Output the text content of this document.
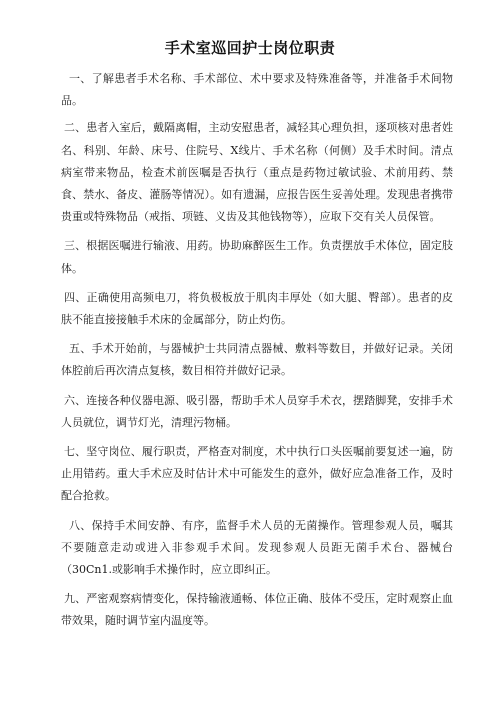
手术室巡回护士岗位职责

一、了解患者手术名称、手术部位、术中要求及特殊准备等，并准备手术间物品。

二、患者入室后，戴隔离帽，主动安慰患者，减轻其心理负担，逐项核对患者姓名、科别、年龄、床号、住院号、X线片、手术名称（何侧）及手术时间。清点病室带来物品，检查术前医嘱是否执行（重点是药物过敏试验、术前用药、禁食、禁水、备皮、灌肠等情况）。如有遗漏，应报告医生妥善处理。发现患者携带贵重或特殊物品（戒指、项链、义齿及其他钱物等），应取下交有关人员保管。

三、根据医嘱进行输液、用药。协助麻醉医生工作。负责摆放手术体位，固定肢体。

四、正确使用高频电刀，将负极板放于肌肉丰厚处（如大腿、臀部）。患者的皮肤不能直接接触手术床的金属部分，防止灼伤。

五、手术开始前，与器械护士共同清点器械、敷料等数目，并做好记录。关闭体腔前后再次清点复核，数目相符并做好记录。

六、连接各种仪器电源、吸引器，帮助手术人员穿手术衣，摆踏脚凳，安排手术人员就位，调节灯光，清理污物桶。

七、坚守岗位、履行职责，严格查对制度，术中执行口头医嘱前要复述一遍，防止用错药。重大手术应及时估计术中可能发生的意外，做好应急准备工作，及时配合抢救。

八、保持手术间安静、有序，监督手术人员的无菌操作。管理参观人员，嘱其不要随意走动或进入非参观手术间。发现参观人员距无菌手术台、器械台（30Cn1.或影响手术操作时，应立即纠正。

九、严密观察病情变化，保持输液通畅、体位正确、肢体不受压，定时观察止血带效果，随时调节室内温度等。
